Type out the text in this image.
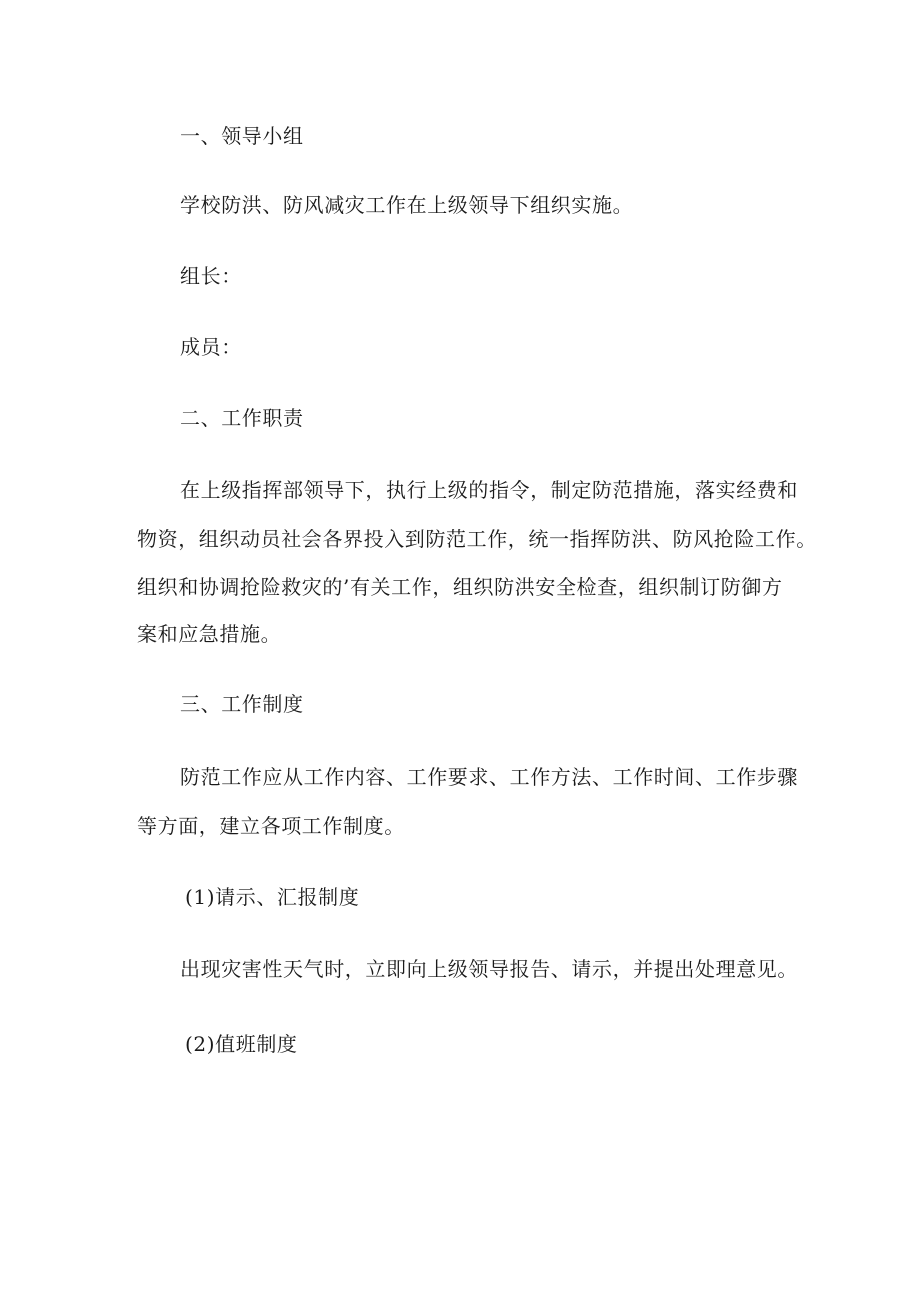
一、领导小组
学校防洪、防风减灾工作在上级领导下组织实施。
组长：
成员：
二、工作职责
在上级指挥部领导下，执行上级的指令，制定防范措施，落实经费和
物资，组织动员社会各界投入到防范工作，统一指挥防洪、防风抢险工作。
组织和协调抢险救灾的’有关工作，组织防洪安全检查，组织制订防御方
案和应急措施。
三、工作制度
防范工作应从工作内容、工作要求、工作方法、工作时间、工作步骤
等方面，建立各项工作制度。
(1)请示、汇报制度
出现灾害性天气时，立即向上级领导报告、请示，并提出处理意见。
(2)值班制度
